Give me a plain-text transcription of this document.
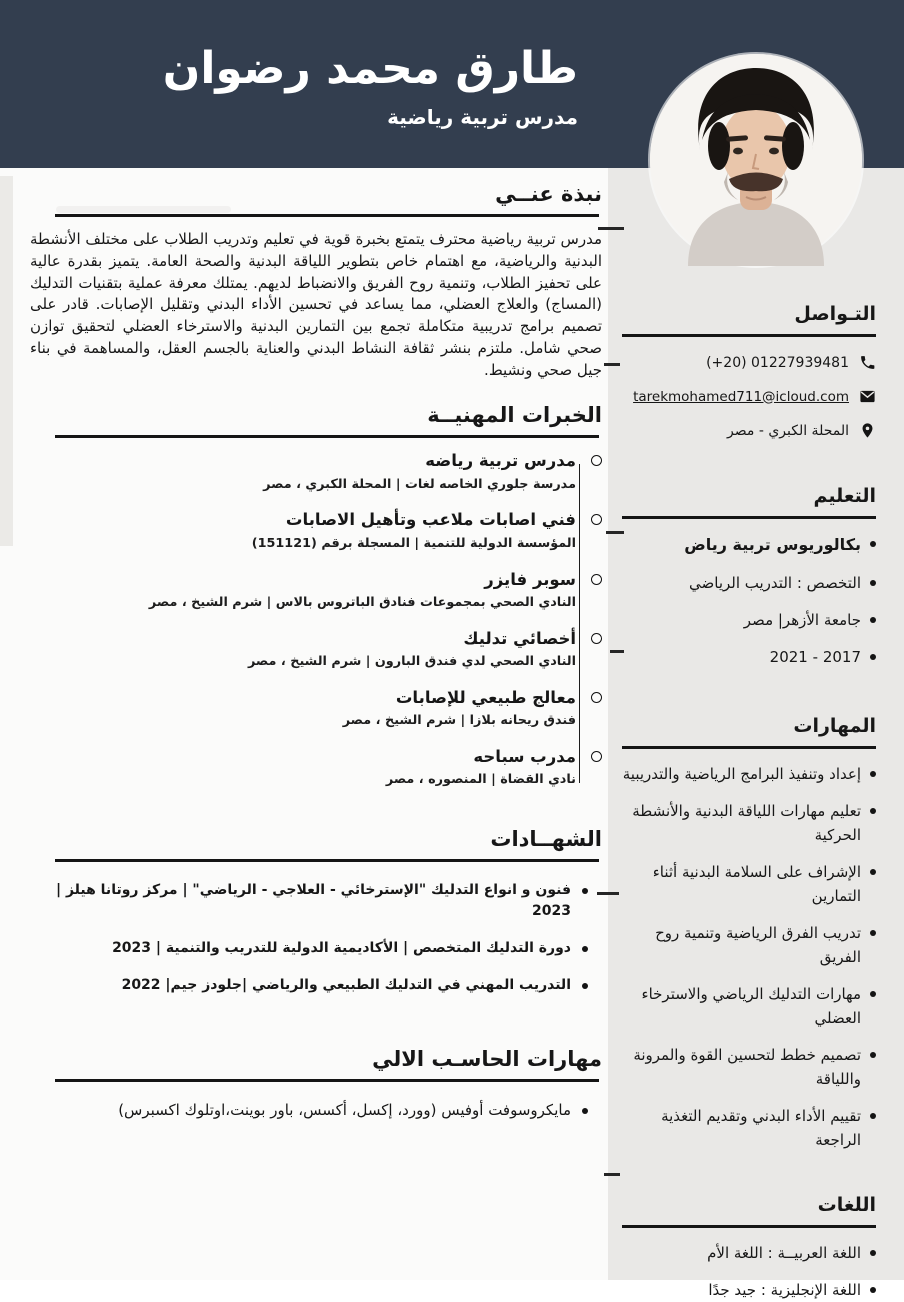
طارق محمد رضوان
مدرس تربية رياضية
التـواصل
(+20) 01227939481
tarekmohamed711@icloud.com
المحلة الكبري - مصر
التعليم
بكالوريوس تربية رياض
التخصص : التدريب الرياضي
جامعة الأزهر| مصر
2017 - 2021
المهارات
إعداد وتنفيذ البرامج الرياضية والتدريبية
تعليم مهارات اللياقة البدنية والأنشطة الحركية
الإشراف على السلامة البدنية أثناء التمارين
تدريب الفرق الرياضية وتنمية روح الفريق
مهارات التدليك الرياضي والاسترخاء العضلي
تصميم خطط لتحسين القوة والمرونة واللياقة
تقييم الأداء البدني وتقديم التغذية الراجعة
اللغات
اللغة العربيــة : اللغة الأم
اللغة الإنجليزية : جيد جدًا
نبذة عنــي

مدرس تربية رياضية محترف يتمتع بخبرة قوية في تعليم وتدريب الطلاب على مختلف الأنشطة البدنية والرياضية، مع اهتمام خاص بتطوير اللياقة البدنية والصحة العامة. يتميز بقدرة عالية على تحفيز الطلاب، وتنمية روح الفريق والانضباط لديهم. يمتلك معرفة عملية بتقنيات التدليك (المساج) والعلاج العضلي، مما يساعد في تحسين الأداء البدني وتقليل الإصابات. قادر على تصميم برامج تدريبية متكاملة تجمع بين التمارين البدنية والاسترخاء العضلي لتحقيق توازن صحي شامل. ملتزم بنشر ثقافة النشاط البدني والعناية بالجسم العقل، والمساهمة في بناء جيل صحي ونشيط.

الخبرات المهنيــة
مدرس تربية رياضه
مدرسة جلوري الخاصه لغات | المحلة الكبري ، مصر
فني اصابات ملاعب وتأهيل الاصابات
المؤسسة الدولية للتنمية | المسجلة برقم (151121)
سوبر فايزر
النادي الصحي بمجموعات فنادق الباتروس بالاس | شرم الشيخ ، مصر
أخصائي تدليك
النادي الصحي لدي فندق البارون | شرم الشيخ ، مصر
معالج طبيعي للإصابات
فندق ريحانه بلازا | شرم الشيخ ، مصر
مدرب سباحه
نادي القضاة | المنصوره ، مصر
الشهــادات
فنون و انواع التدليك "الإسترخائي - العلاجي - الرياضي" | مركز روتانا هيلز | 2023
دورة التدليك المتخصص | الأكاديمية الدولية للتدريب والتنمية | 2023
التدريب المهني في التدليك الطبيعي والرياضي |جلودز جيم| 2022
مهارات الحاسـب الالي
مايكروسوفت أوفيس (وورد، إكسل، أكسس، باور بوينت،اوتلوك اكسبرس)
